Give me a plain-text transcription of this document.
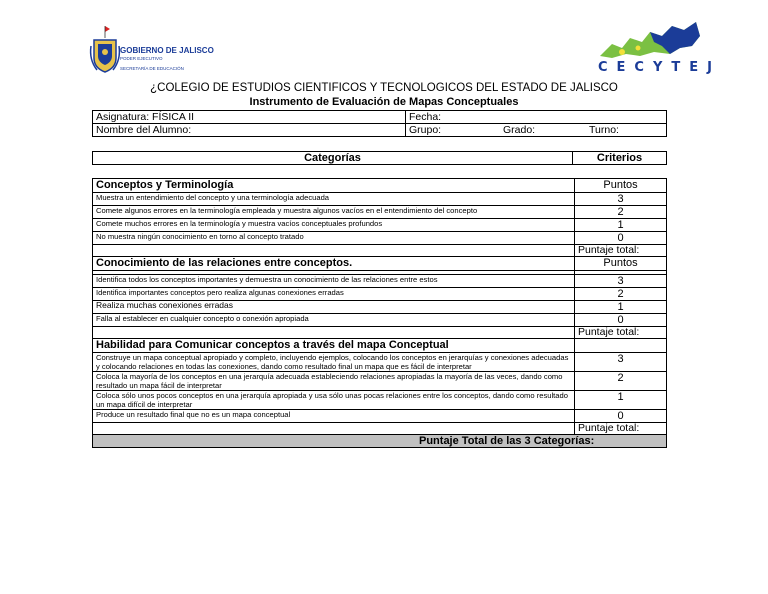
GOBIERNO DE JALISCO
PODER EJECUTIVO
SECRETARÍA DE EDUCACIÓN	CECYTEJ
¿COLEGIO DE ESTUDIOS CIENTIFICOS Y TECNOLOGICOS DEL ESTADO DE JALISCO
Instrumento de Evaluación de Mapas Conceptuales
Asignatura: FÍSICA II	Fecha:		
Nombre del Alumno:	Grupo:	Grado:	Turno:
Categorías	Criterios
Conceptos y Terminología	Puntos
Muestra un entendimiento del concepto y una terminología adecuada	3
Comete algunos errores en la terminología empleada y muestra algunos vacíos en el entendimiento del concepto	2
Comete muchos errores en la terminología y muestra vacíos conceptuales profundos	1
No muestra ningún conocimiento en torno al concepto tratado	0
	Puntaje total:
Conocimiento de las relaciones entre conceptos.	Puntos

Identifica todos los conceptos importantes y demuestra un conocimiento de las relaciones entre estos	3
Identifica importantes conceptos pero realiza algunas conexiones erradas	2
Realiza muchas conexiones erradas	1
Falla al establecer en cualquier concepto o conexión apropiada	0
	Puntaje total:
Habilidad para Comunicar conceptos a través del mapa Conceptual	
Construye un mapa conceptual apropiado y completo, incluyendo ejemplos, colocando los conceptos en jerarquías y conexiones adecuadas y colocando relaciones en todas las conexiones, dando como resultado final un mapa que es fácil de interpretar	3
Coloca la mayoría de los conceptos en una jerarquía adecuada estableciendo relaciones apropiadas la mayoría de las veces, dando como resultado un mapa fácil de interpretar	2
Coloca sólo unos pocos conceptos en una jerarquía apropiada y usa sólo unas pocas relaciones entre los conceptos, dando como resultado un mapa difícil de interpretar	1
Produce un resultado final que no es un mapa conceptual	0
	Puntaje total:
Puntaje Total de las 3 Categorías:	
